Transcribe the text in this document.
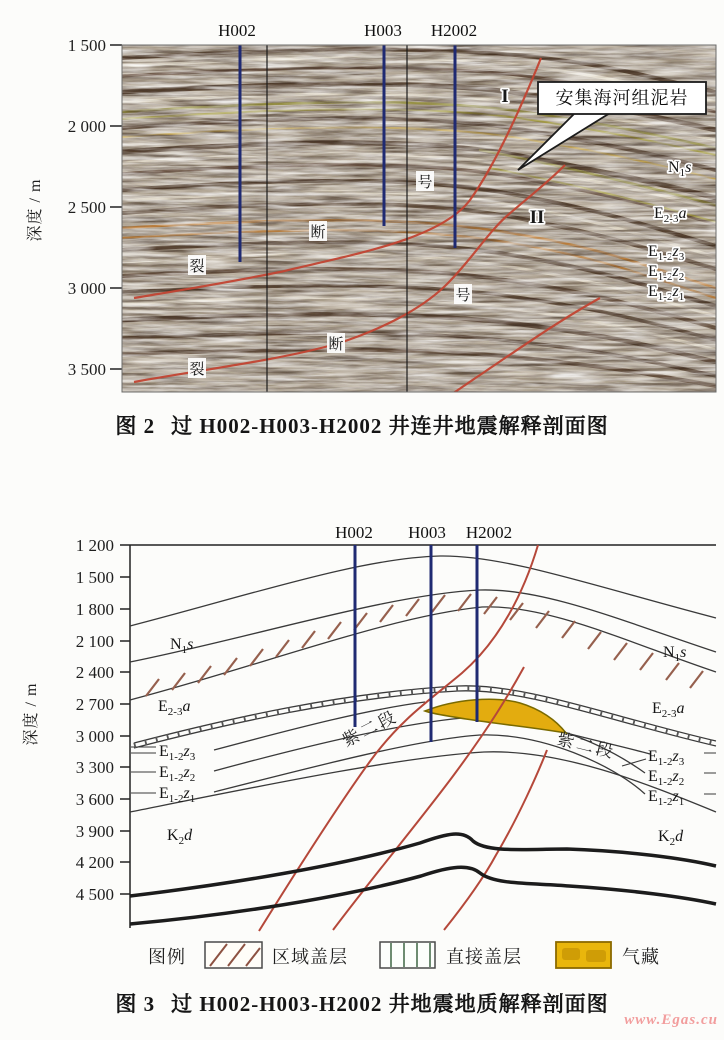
深度 / m
1 500
2 000
2 500
3 000
3 500
H002	H003 H2002
安集海河组泥岩
I
II
号
断
裂
号
断
裂
$N_1s$
$E_{2-3}a$
$E_{1-2}z_3$
$E_{1-2}z_2$
$E_{1-2}z_1$
图 2 过 H002-H003-H2002 井连井地震解释剖面图
深度 / m
1 200
1 500
1 800
2 100
2 400
2 700
3 000
3 300
3 600
3 900
4 200
4 500
H002 H003 H2002
$N_1s$
$E_{2-3}a$
$E_{1-2}z_3$
$E_{1-2}z_2$
$E_{1-2}z_1$
$K_2d$
$N_1s$
$E_{2-3}a$
$E_{1-2}z_3$
$E_{1-2}z_2$
$E_{1-2}z_1$
$K_2d$
紫二段	紫二段
图例	区域盖层	直接盖层	气藏
图 3 过 H002-H003-H2002 井地震地质解释剖面图
www.Egas.cu
